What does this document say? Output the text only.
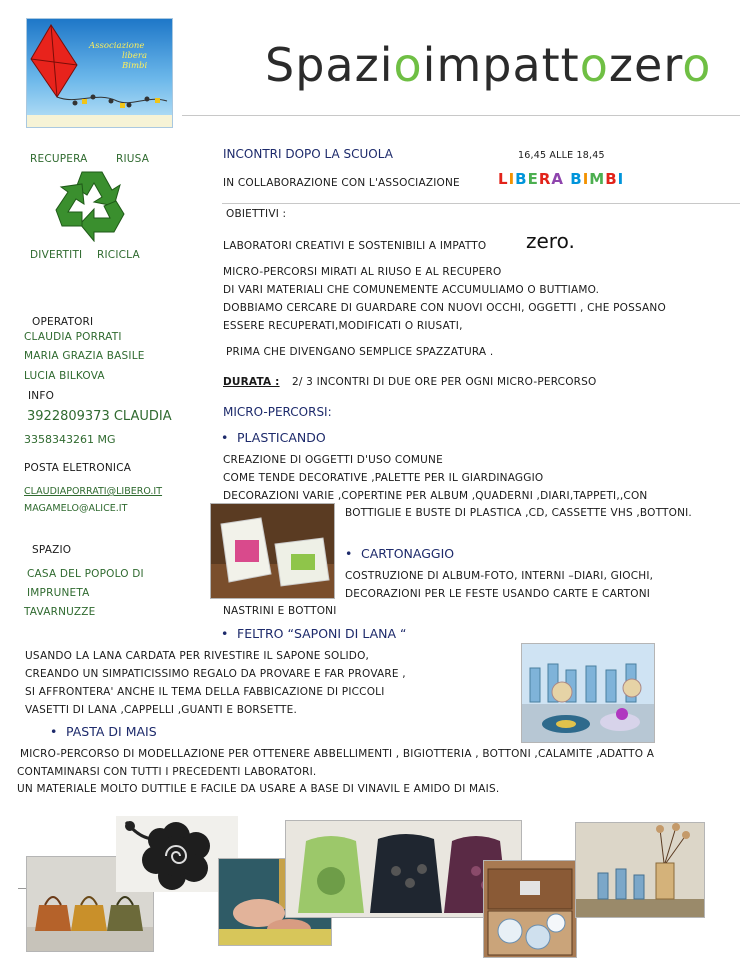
Associazione
libera Bimbi	Spazioimpattozero
RECUPERA	RIUSA
DIVERTITI RICICLA
OPERATORI
CLAUDIA PORRATI
MARIA GRAZIA BASILE
LUCIA BILKOVA
INFO
3922809373 CLAUDIA
3358343261 MG
POSTA ELETRONICA
CLAUDIAPORRATI@LIBERO.IT
MAGAMELO@ALICE.IT
SPAZIO
CASA DEL POPOLO DI
IMPRUNETA
TAVARNUZZE
INCONTRI DOPO LA SCUOLA	16,45 ALLE 18,45
IN COLLABORAZIONE CON L'ASSOCIAZIONE	LIBERA BIMBI
OBIETTIVI :
LABORATORI CREATIVI E SOSTENIBILI A IMPATTO zero.
MICRO-PERCORSI MIRATI AL RIUSO E AL RECUPERO
DI VARI MATERIALI CHE COMUNEMENTE ACCUMULIAMO O BUTTIAMO.
DOBBIAMO CERCARE DI GUARDARE CON NUOVI OCCHI, OGGETTI , CHE POSSANO
ESSERE RECUPERATI,MODIFICATI O RIUSATI,
PRIMA CHE DIVENGANO SEMPLICE SPAZZATURA .
DURATA : 2/ 3 INCONTRI DI DUE ORE PER OGNI MICRO-PERCORSO
MICRO-PERCORSI:
• PLASTICANDO
CREAZIONE DI OGGETTI D'USO COMUNE
COME TENDE DECORATIVE ,PALETTE PER IL GIARDINAGGIO
DECORAZIONI VARIE ,COPERTINE PER ALBUM ,QUADERNI ,DIARI,TAPPETI,,CON
BOTTIGLIE E BUSTE DI PLASTICA ,CD, CASSETTE VHS ,BOTTONI.
• CARTONAGGIO
COSTRUZIONE DI ALBUM-FOTO, INTERNI –DIARI, GIOCHI,
DECORAZIONI PER LE FESTE USANDO CARTE E CARTONI
NASTRINI E BOTTONI
• FELTRO “SAPONI DI LANA “
USANDO LA LANA CARDATA PER RIVESTIRE IL SAPONE SOLIDO,
CREANDO UN SIMPATICISSIMO REGALO DA PROVARE E FAR PROVARE ,
SI AFFRONTERA' ANCHE IL TEMA DELLA FABBICAZIONE DI PICCOLI
VASETTI DI LANA ,CAPPELLI ,GUANTI E BORSETTE.
• PASTA DI MAIS
MICRO-PERCORSO DI MODELLAZIONE PER OTTENERE ABBELLIMENTI , BIGIOTTERIA , BOTTONI ,CALAMITE ,ADATTO A
CONTAMINARSI CON TUTTI I PRECEDENTI LABORATORI.
UN MATERIALE MOLTO DUTTILE E FACILE DA USARE A BASE DI VINAVIL E AMIDO DI MAIS.
